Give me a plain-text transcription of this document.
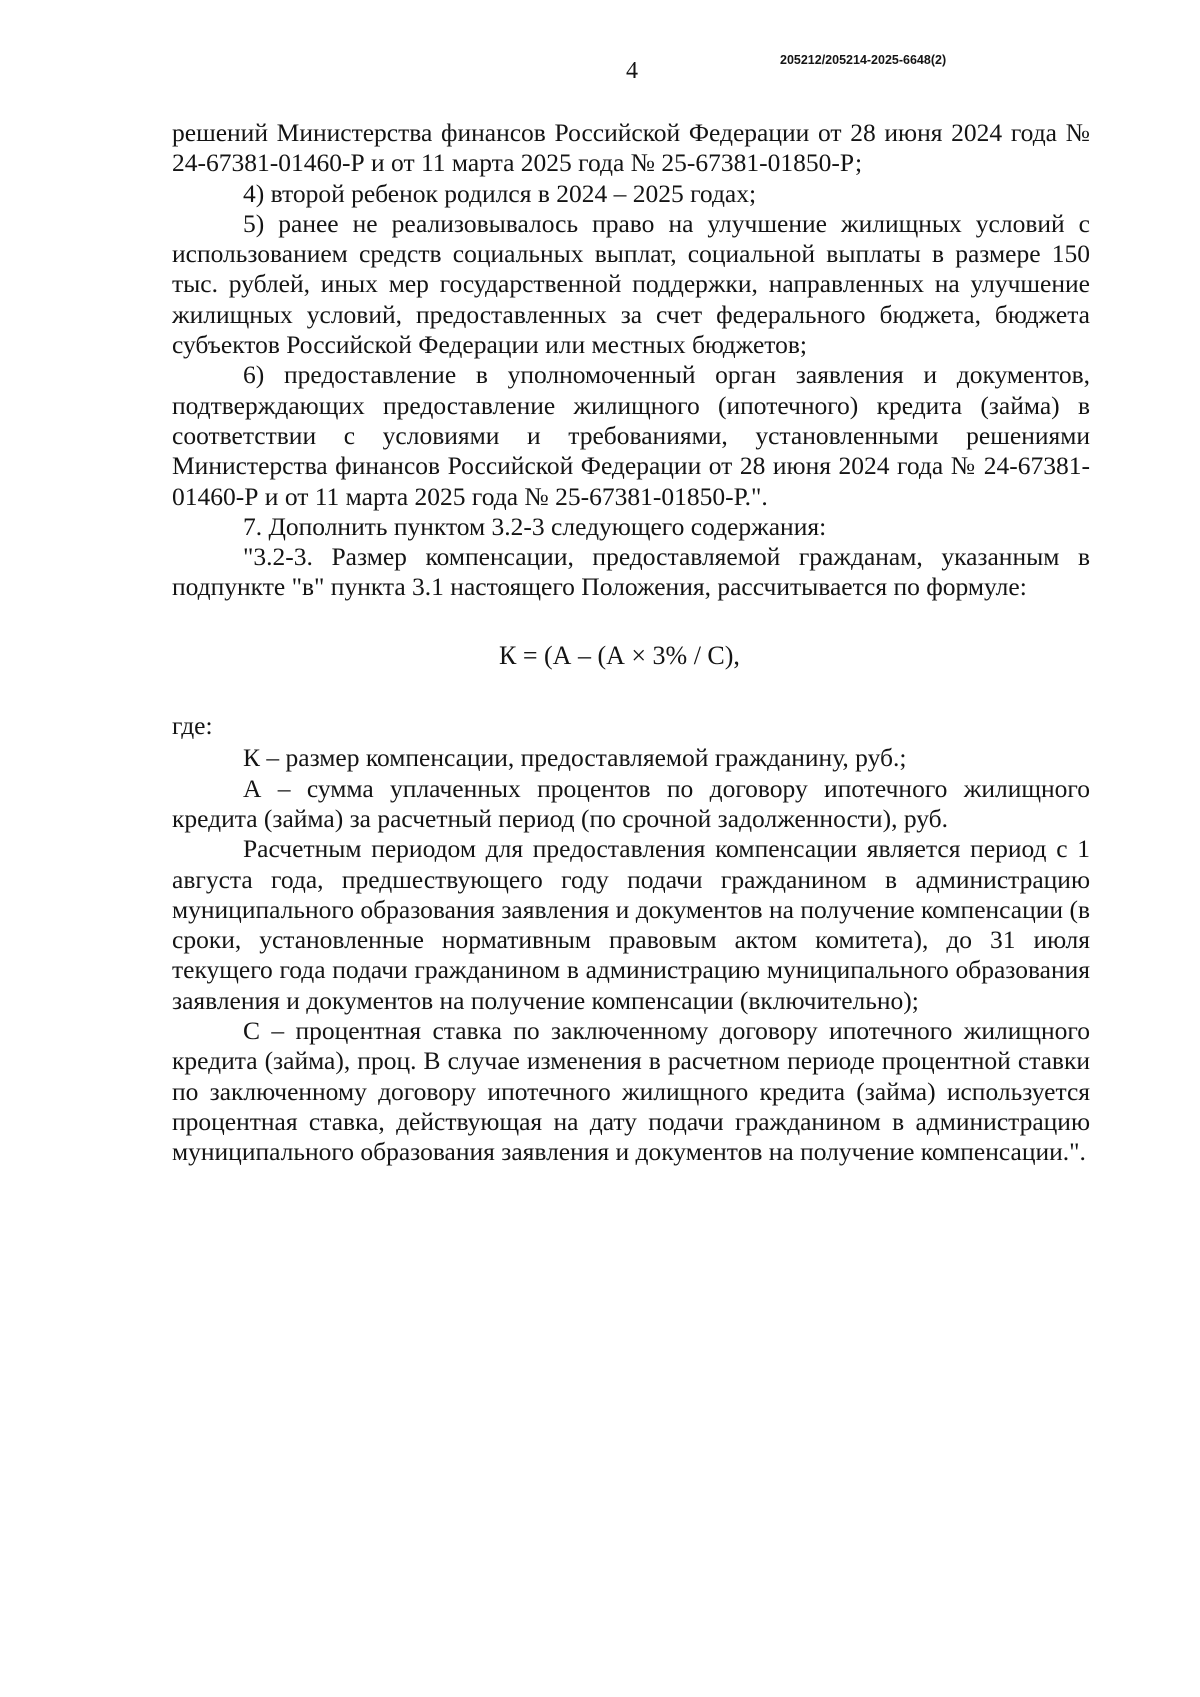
4	205212/205214-2025-6648(2)

решений Министерства финансов Российской Федерации от 28 июня 2024 года № 24-67381-01460-Р и от 11 марта 2025 года № 25-67381-01850-Р;

4) второй ребенок родился в 2024 – 2025 годах;

5) ранее не реализовывалось право на улучшение жилищных условий с использованием средств социальных выплат, социальной выплаты в размере 150 тыс. рублей, иных мер государственной поддержки, направленных на улучшение жилищных условий, предоставленных за счет федерального бюджета, бюджета субъектов Российской Федерации или местных бюджетов;

6) предоставление в уполномоченный орган заявления и документов, подтверждающих предоставление жилищного (ипотечного) кредита (займа) в соответствии с условиями и требованиями, установленными решениями Министерства финансов Российской Федерации от 28 июня 2024 года № 24-67381-01460-Р и от 11 марта 2025 года № 25-67381-01850-Р.".

7. Дополнить пунктом 3.2-3 следующего содержания:

"3.2-3. Размер компенсации, предоставляемой гражданам, указанным в подпункте "в" пункта 3.1 настоящего Положения, рассчитывается по формуле:

К = (А – (А × 3% / С),

где:

К – размер компенсации, предоставляемой гражданину, руб.;

А – сумма уплаченных процентов по договору ипотечного жилищного кредита (займа) за расчетный период (по срочной задолженности), руб.

Расчетным периодом для предоставления компенсации является период с 1 августа года, предшествующего году подачи гражданином в администрацию муниципального образования заявления и документов на получение компенсации (в сроки, установленные нормативным правовым актом комитета), до 31 июля текущего года подачи гражданином в администрацию муниципального образования заявления и документов на получение компенсации (включительно);

С – процентная ставка по заключенному договору ипотечного жилищного кредита (займа), проц. В случае изменения в расчетном периоде процентной ставки по заключенному договору ипотечного жилищного кредита (займа) используется процентная ставка, действующая на дату подачи гражданином в администрацию муниципального образования заявления и документов на получение компенсации.".
